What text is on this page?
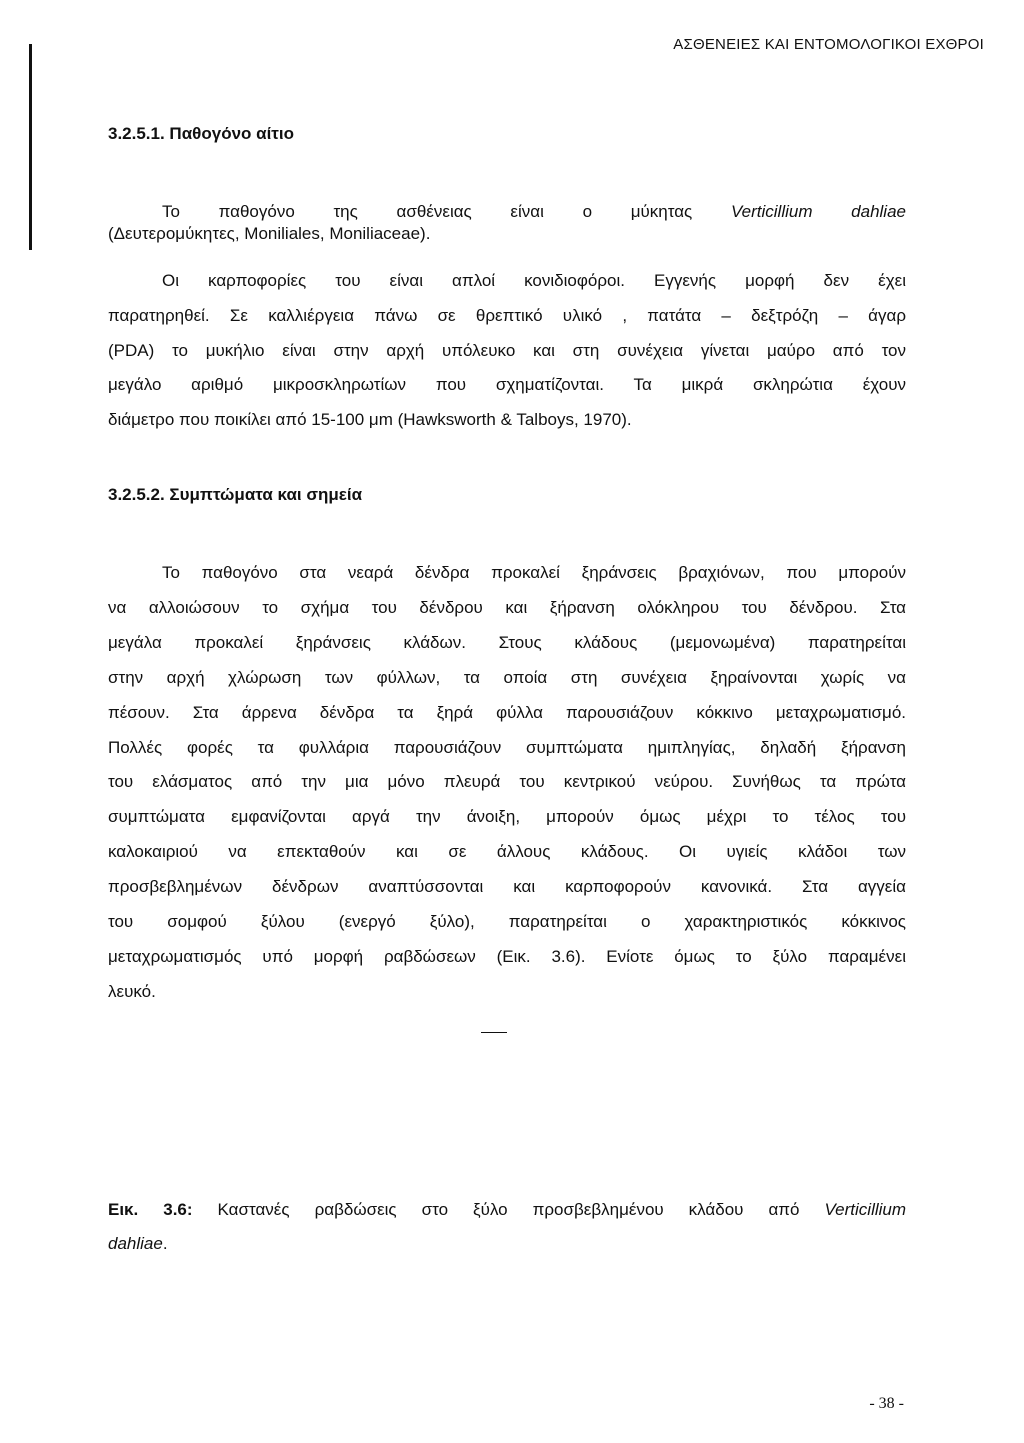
ΑΣΘΕΝΕΙΕΣ ΚΑΙ ΕΝΤΟΜΟΛΟΓΙΚΟΙ ΕΧΘΡΟΙ
3.2.5.1. Παθογόνο αίτιο

Το παθογόνο της ασθένειας είναι ο μύκητας Verticillium dahliae
(Δευτερομύκητες, Moniliales, Moniliaceae).

Οι καρποφορίες του είναι απλοί κονιδιοφόροι. Εγγενής μορφή δεν έχει
παρατηρηθεί. Σε καλλιέργεια πάνω σε θρεπτικό υλικό , πατάτα – δεξτρόζη – άγαρ
(PDA) το μυκήλιο είναι στην αρχή υπόλευκο και στη συνέχεια γίνεται μαύρο από τον
μεγάλο αριθμό μικροσκληρωτίων που σχηματίζονται. Τα μικρά σκληρώτια έχουν
διάμετρο που ποικίλει από 15-100 μm (Hawksworth & Talboys, 1970).

3.2.5.2. Συμπτώματα και σημεία

Το παθογόνο στα νεαρά δένδρα προκαλεί ξηράνσεις βραχιόνων, που μπορούν
να αλλοιώσουν το σχήμα του δένδρου και ξήρανση ολόκληρου του δένδρου. Στα
μεγάλα προκαλεί ξηράνσεις κλάδων. Στους κλάδους (μεμονωμένα) παρατηρείται
στην αρχή χλώρωση των φύλλων, τα οποία στη συνέχεια ξηραίνονται χωρίς να
πέσουν. Στα άρρενα δένδρα τα ξηρά φύλλα παρουσιάζουν κόκκινο μεταχρωματισμό.
Πολλές φορές τα φυλλάρια παρουσιάζουν συμπτώματα ημιπληγίας, δηλαδή ξήρανση
του ελάσματος από την μια μόνο πλευρά του κεντρικού νεύρου. Συνήθως τα πρώτα
συμπτώματα εμφανίζονται αργά την άνοιξη, μπορούν όμως μέχρι το τέλος του
καλοκαιριού να επεκταθούν και σε άλλους κλάδους. Οι υγιείς κλάδοι των
προσβεβλημένων δένδρων αναπτύσσονται και καρποφορούν κανονικά. Στα αγγεία
του σομφού ξύλου (ενεργό ξύλο), παρατηρείται ο χαρακτηριστικός κόκκινος
μεταχρωματισμός υπό μορφή ραβδώσεων (Εικ. 3.6). Ενίοτε όμως το ξύλο παραμένει
λευκό.

Εικ. 3.6: Καστανές ραβδώσεις στο ξύλο προσβεβλημένου κλάδου από Verticillium
dahliae.

- 38 -
